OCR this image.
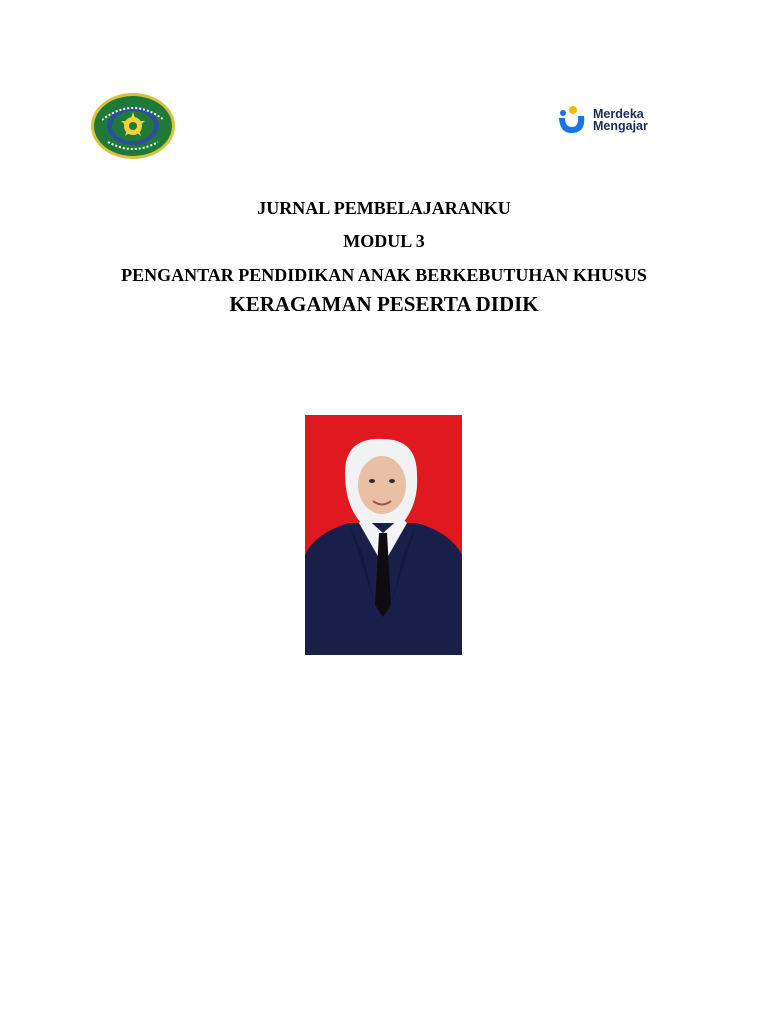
Merdeka
Mengajar

JURNAL PEMBELAJARANKU

MODUL 3

PENGANTAR PENDIDIKAN ANAK BERKEBUTUHAN KHUSUS

KERAGAMAN PESERTA DIDIK
